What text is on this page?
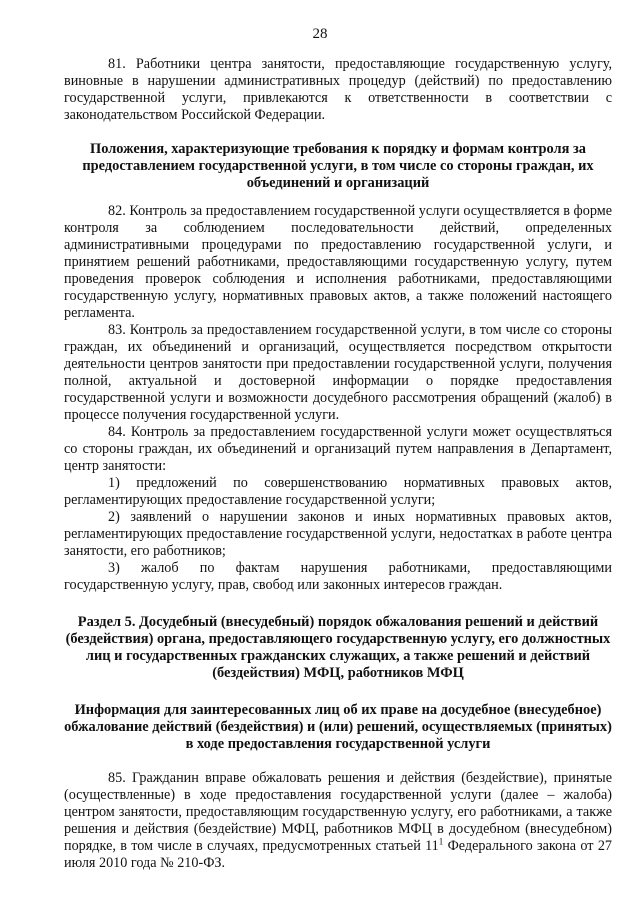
28

81. Работники центра занятости, предоставляющие государственную услугу, виновные в нарушении административных процедур (действий) по предоставлению государственной услуги, привлекаются к ответственности в соответствии с законодательством Российской Федерации.

Положения, характеризующие требования к порядку и формам контроля за предоставлением государственной услуги, в том числе со стороны граждан, их объединений и организаций

82. Контроль за предоставлением государственной услуги осуществляется в форме контроля за соблюдением последовательности действий, определенных административными процедурами по предоставлению государственной услуги, и принятием решений работниками, предоставляющими государственную услугу, путем проведения проверок соблюдения и исполнения работниками, предоставляющими государственную услугу, нормативных правовых актов, а также положений настоящего регламента.

83. Контроль за предоставлением государственной услуги, в том числе со стороны граждан, их объединений и организаций, осуществляется посредством открытости деятельности центров занятости при предоставлении государственной услуги, получения полной, актуальной и достоверной информации о порядке предоставления государственной услуги и возможности досудебного рассмотрения обращений (жалоб) в процессе получения государственной услуги.

84. Контроль за предоставлением государственной услуги может осуществляться со стороны граждан, их объединений и организаций путем направления в Департамент, центр занятости:

1) предложений по совершенствованию нормативных правовых актов, регламентирующих предоставление государственной услуги;

2) заявлений о нарушении законов и иных нормативных правовых актов, регламентирующих предоставление государственной услуги, недостатках в работе центра занятости, его работников;

3) жалоб по фактам нарушения работниками, предоставляющими государственную услугу, прав, свобод или законных интересов граждан.

Раздел 5. Досудебный (внесудебный) порядок обжалования решений и действий (бездействия) органа, предоставляющего государственную услугу, его должностных лиц и государственных гражданских служащих, а также решений и действий (бездействия) МФЦ, работников МФЦ

Информация для заинтересованных лиц об их праве на досудебное (внесудебное) обжалование действий (бездействия) и (или) решений, осуществляемых (принятых) в ходе предоставления государственной услуги

85. Гражданин вправе обжаловать решения и действия (бездействие), принятые (осуществленные) в ходе предоставления государственной услуги (далее – жалоба) центром занятости, предоставляющим государственную услугу, его работниками, а также решения и действия (бездействие) МФЦ, работников МФЦ в досудебном (внесудебном) порядке, в том числе в случаях, предусмотренных статьей $11^1$ Федерального закона от 27 июля 2010 года № 210-ФЗ.
